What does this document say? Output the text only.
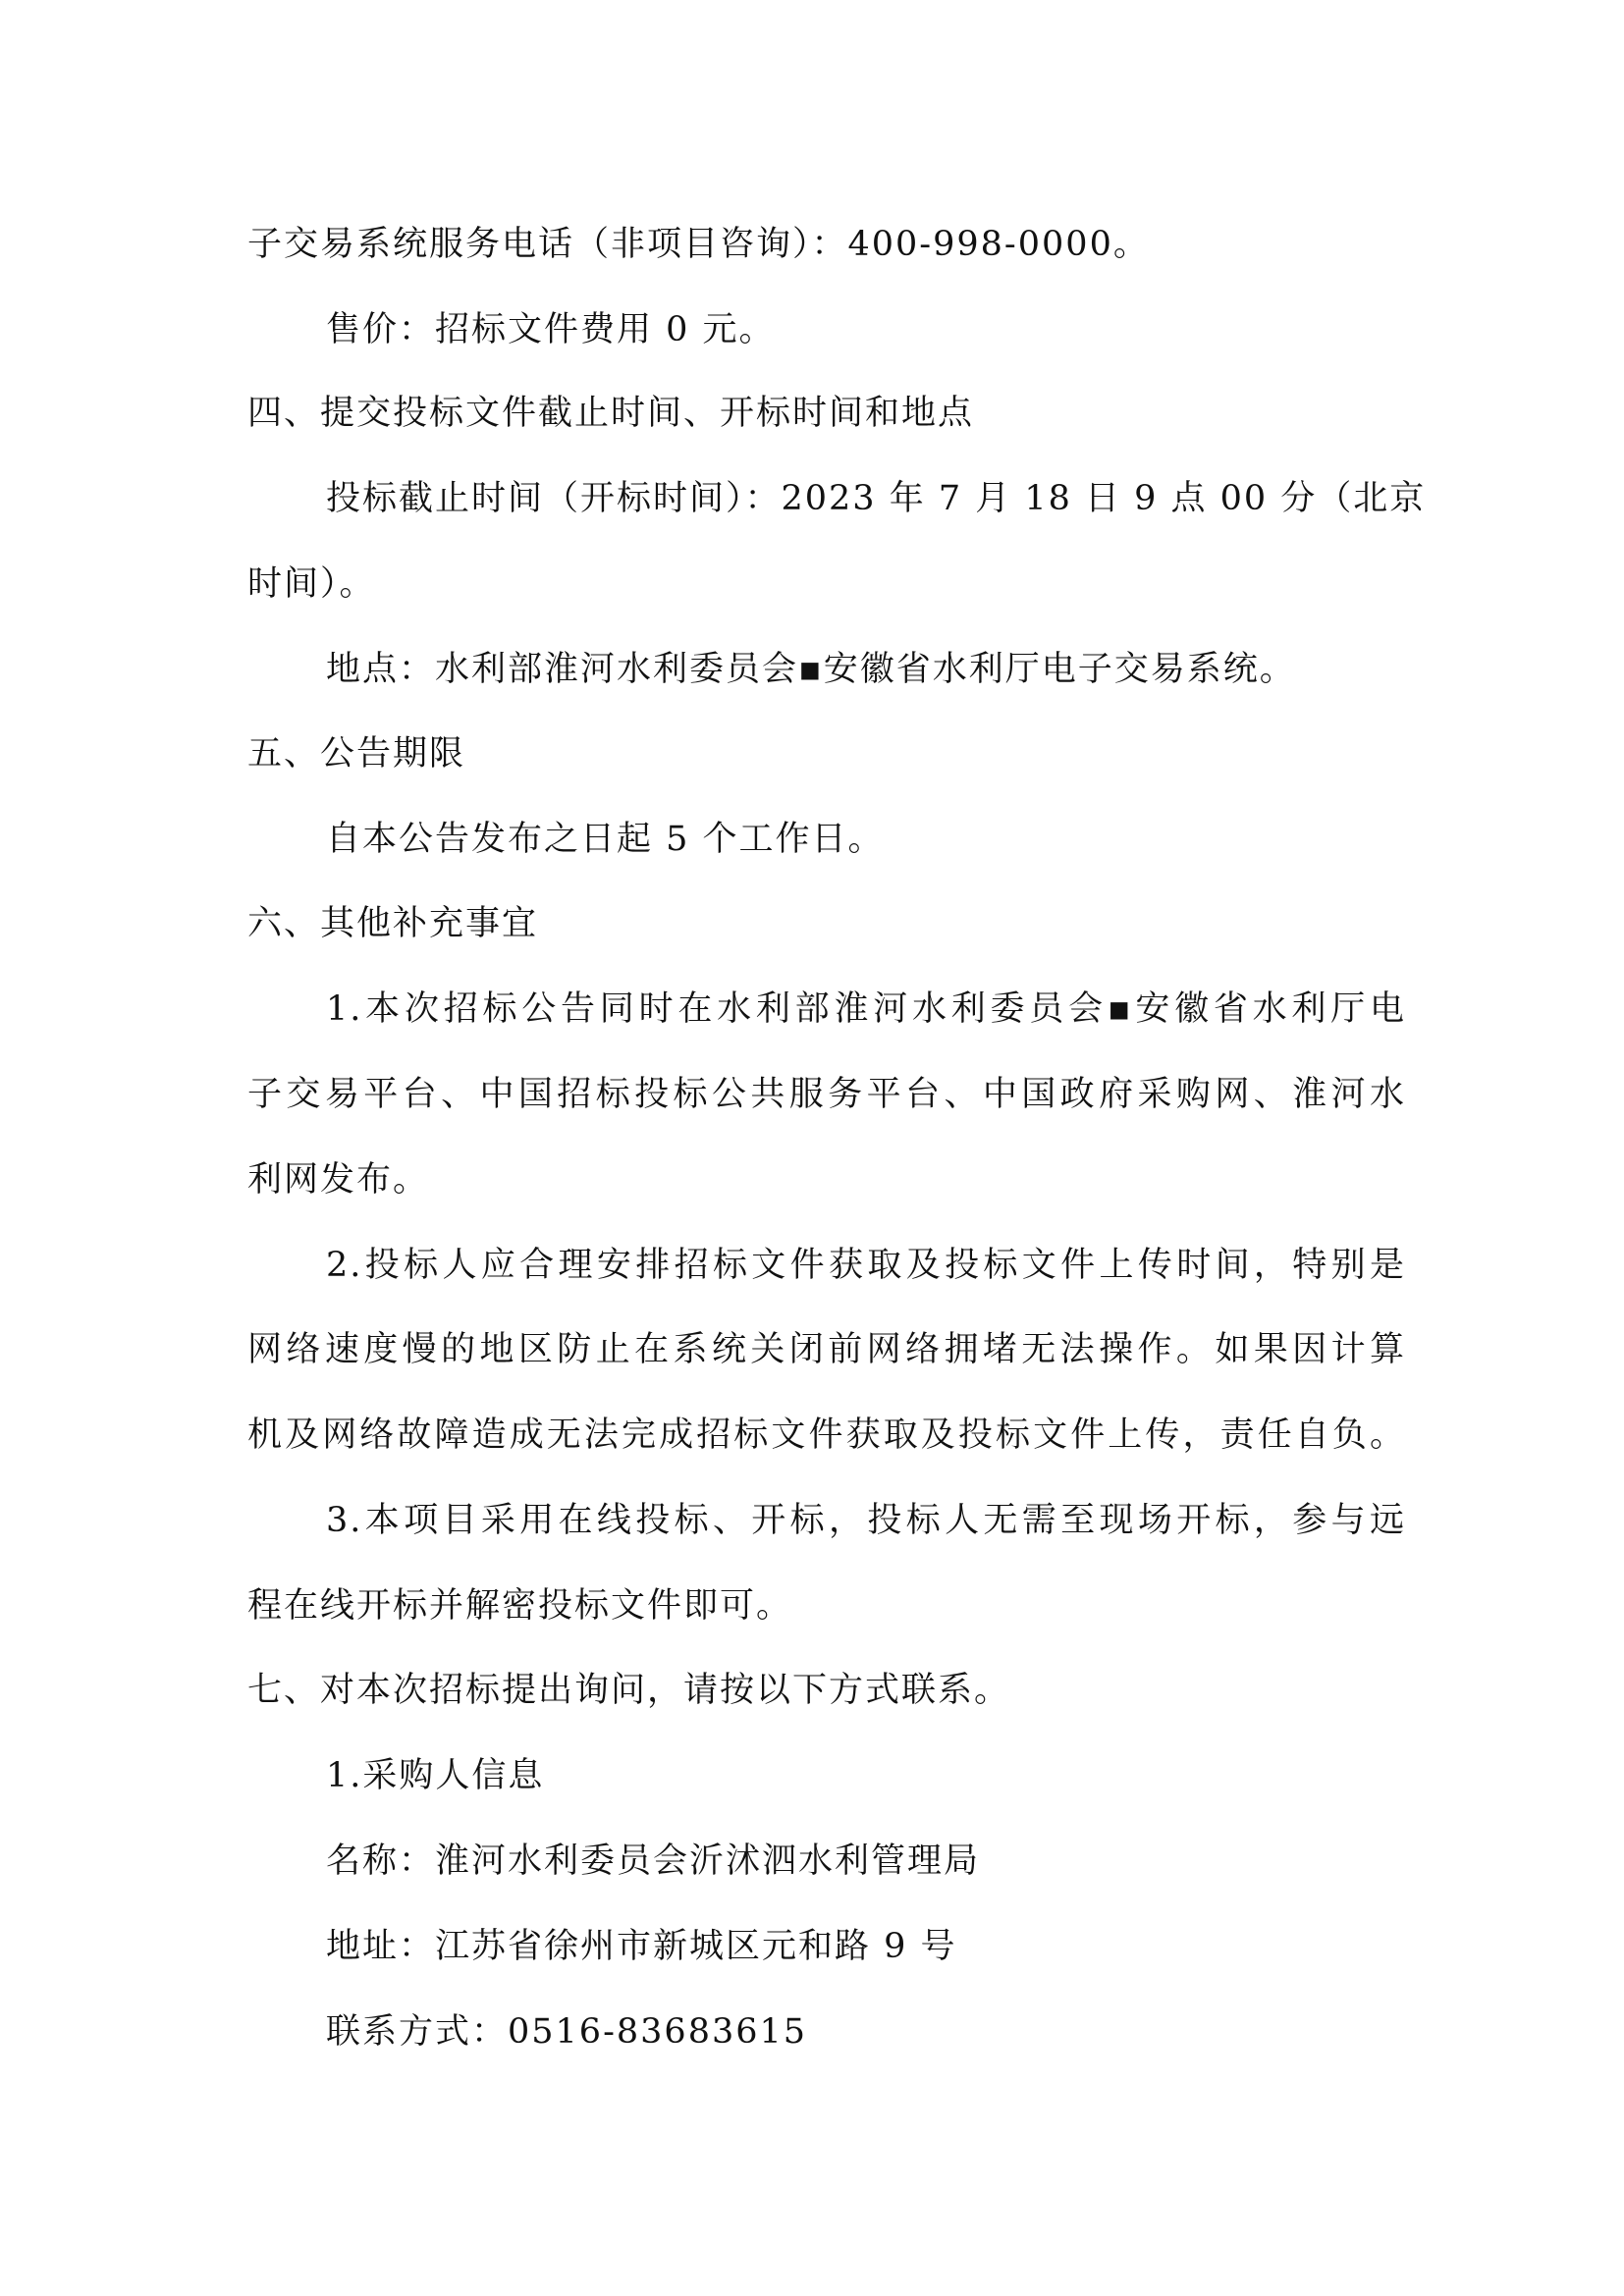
子交易系统服务电话（非项目咨询）：400-998-0000。
售价：招标文件费用 0 元。
四、提交投标文件截止时间、开标时间和地点
投标截止时间（开标时间）：2023 年 7 月 18 日 9 点 00 分（北京
时间）。
地点：水利部淮河水利委员会▪安徽省水利厅电子交易系统。
五、公告期限
自本公告发布之日起 5 个工作日。
六、其他补充事宜
1.本次招标公告同时在水利部淮河水利委员会▪安徽省水利厅电
子交易平台、中国招标投标公共服务平台、中国政府采购网、淮河水
利网发布。
2.投标人应合理安排招标文件获取及投标文件上传时间，特别是
网络速度慢的地区防止在系统关闭前网络拥堵无法操作。如果因计算
机及网络故障造成无法完成招标文件获取及投标文件上传，责任自负。
3.本项目采用在线投标、开标，投标人无需至现场开标，参与远
程在线开标并解密投标文件即可。
七、对本次招标提出询问，请按以下方式联系。
1.采购人信息
名称：淮河水利委员会沂沭泗水利管理局
地址：江苏省徐州市新城区元和路 9 号
联系方式：0516-83683615
